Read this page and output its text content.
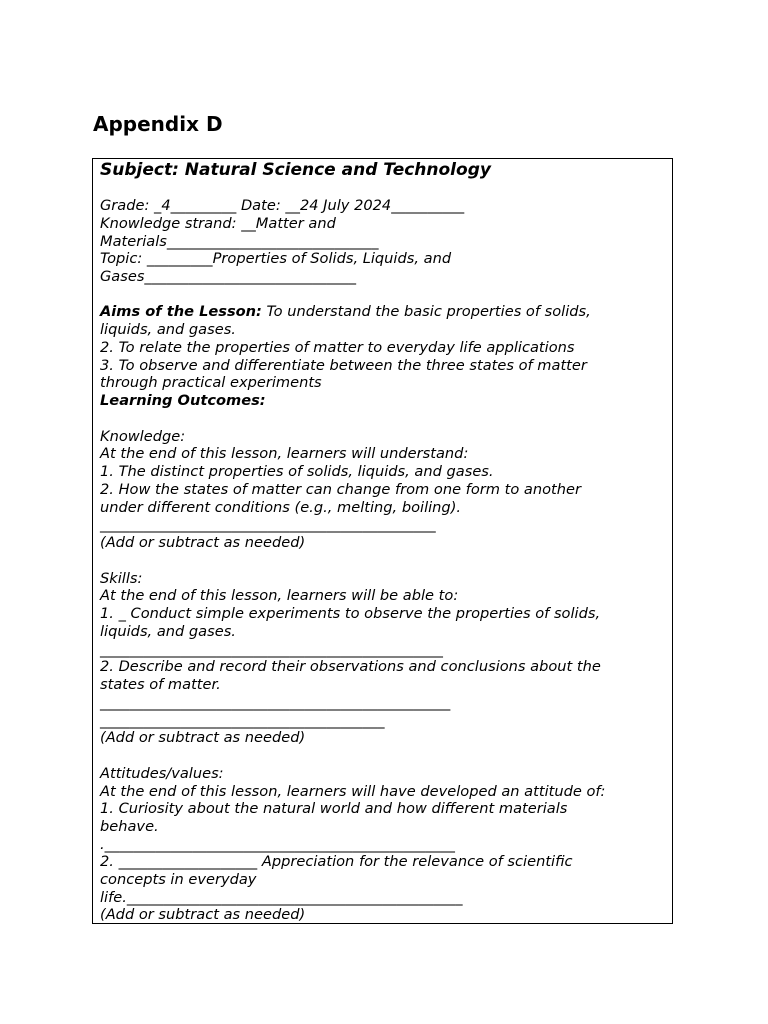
Appendix D

Subject: Natural Science and Technology

Grade: _4_________ Date: __24 July 2024__________

Knowledge strand: __Matter and

Materials_____________________________

Topic: _________Properties of Solids, Liquids, and

Gases_____________________________

Aims of the Lesson: To understand the basic properties of solids,

liquids, and gases.

2. To relate the properties of matter to everyday life applications

3. To observe and differentiate between the three states of matter

through practical experiments

Learning Outcomes:

Knowledge:

At the end of this lesson, learners will understand:

1. The distinct properties of solids, liquids, and gases.

2. How the states of matter can change from one form to another

under different conditions (e.g., melting, boiling).

______________________________________________

(Add or subtract as needed)

Skills:

At the end of this lesson, learners will be able to:

1. _ Conduct simple experiments to observe the properties of solids,

liquids, and gases.

_______________________________________________

2. Describe and record their observations and conclusions about the

states of matter.

________________________________________________

_______________________________________

(Add or subtract as needed)

Attitudes/values:

At the end of this lesson, learners will have developed an attitude of:

1. Curiosity about the natural world and how different materials

behave.

.________________________________________________

2. ___________________ Appreciation for the relevance of scientific

concepts in everyday

life.______________________________________________

(Add or subtract as needed)
